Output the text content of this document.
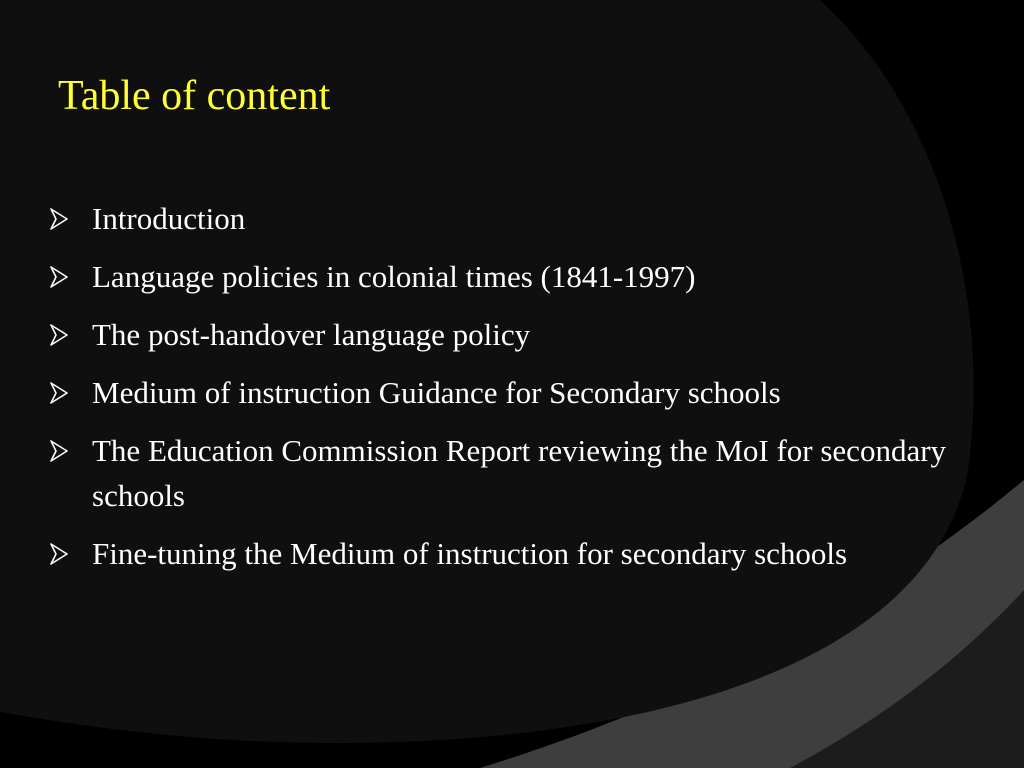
Table of content
Introduction
Language policies in colonial times (1841-1997)
The post-handover language policy
Medium of instruction Guidance for Secondary schools
The Education Commission Report reviewing the MoI for secondary schools
Fine-tuning the Medium of instruction for secondary schools
